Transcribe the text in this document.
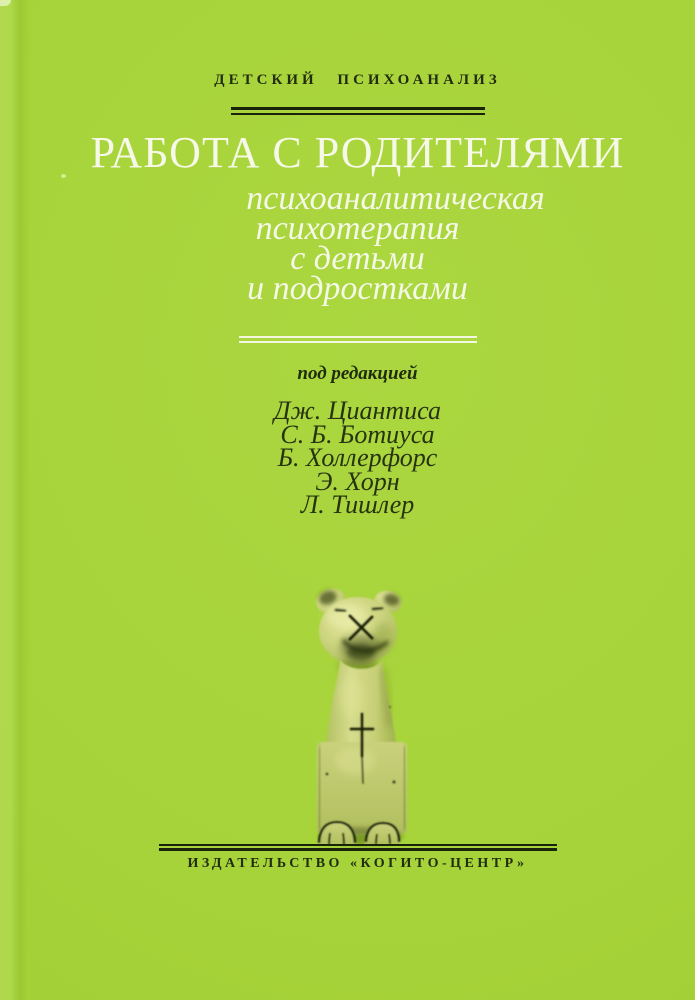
ДЕТСКИЙ ПСИХОАНАЛИЗ
РАБОТА С РОДИТЕЛЯМИ
психоаналитическая
психотерапия
с детьми
и подростками
под редакцией
Дж. Циантиса
С. Б. Ботиуса
Б. Холлерфорс
Э. Хорн
Л. Тишлер
ИЗДАТЕЛЬСТВО «КОГИТО-ЦЕНТР»
